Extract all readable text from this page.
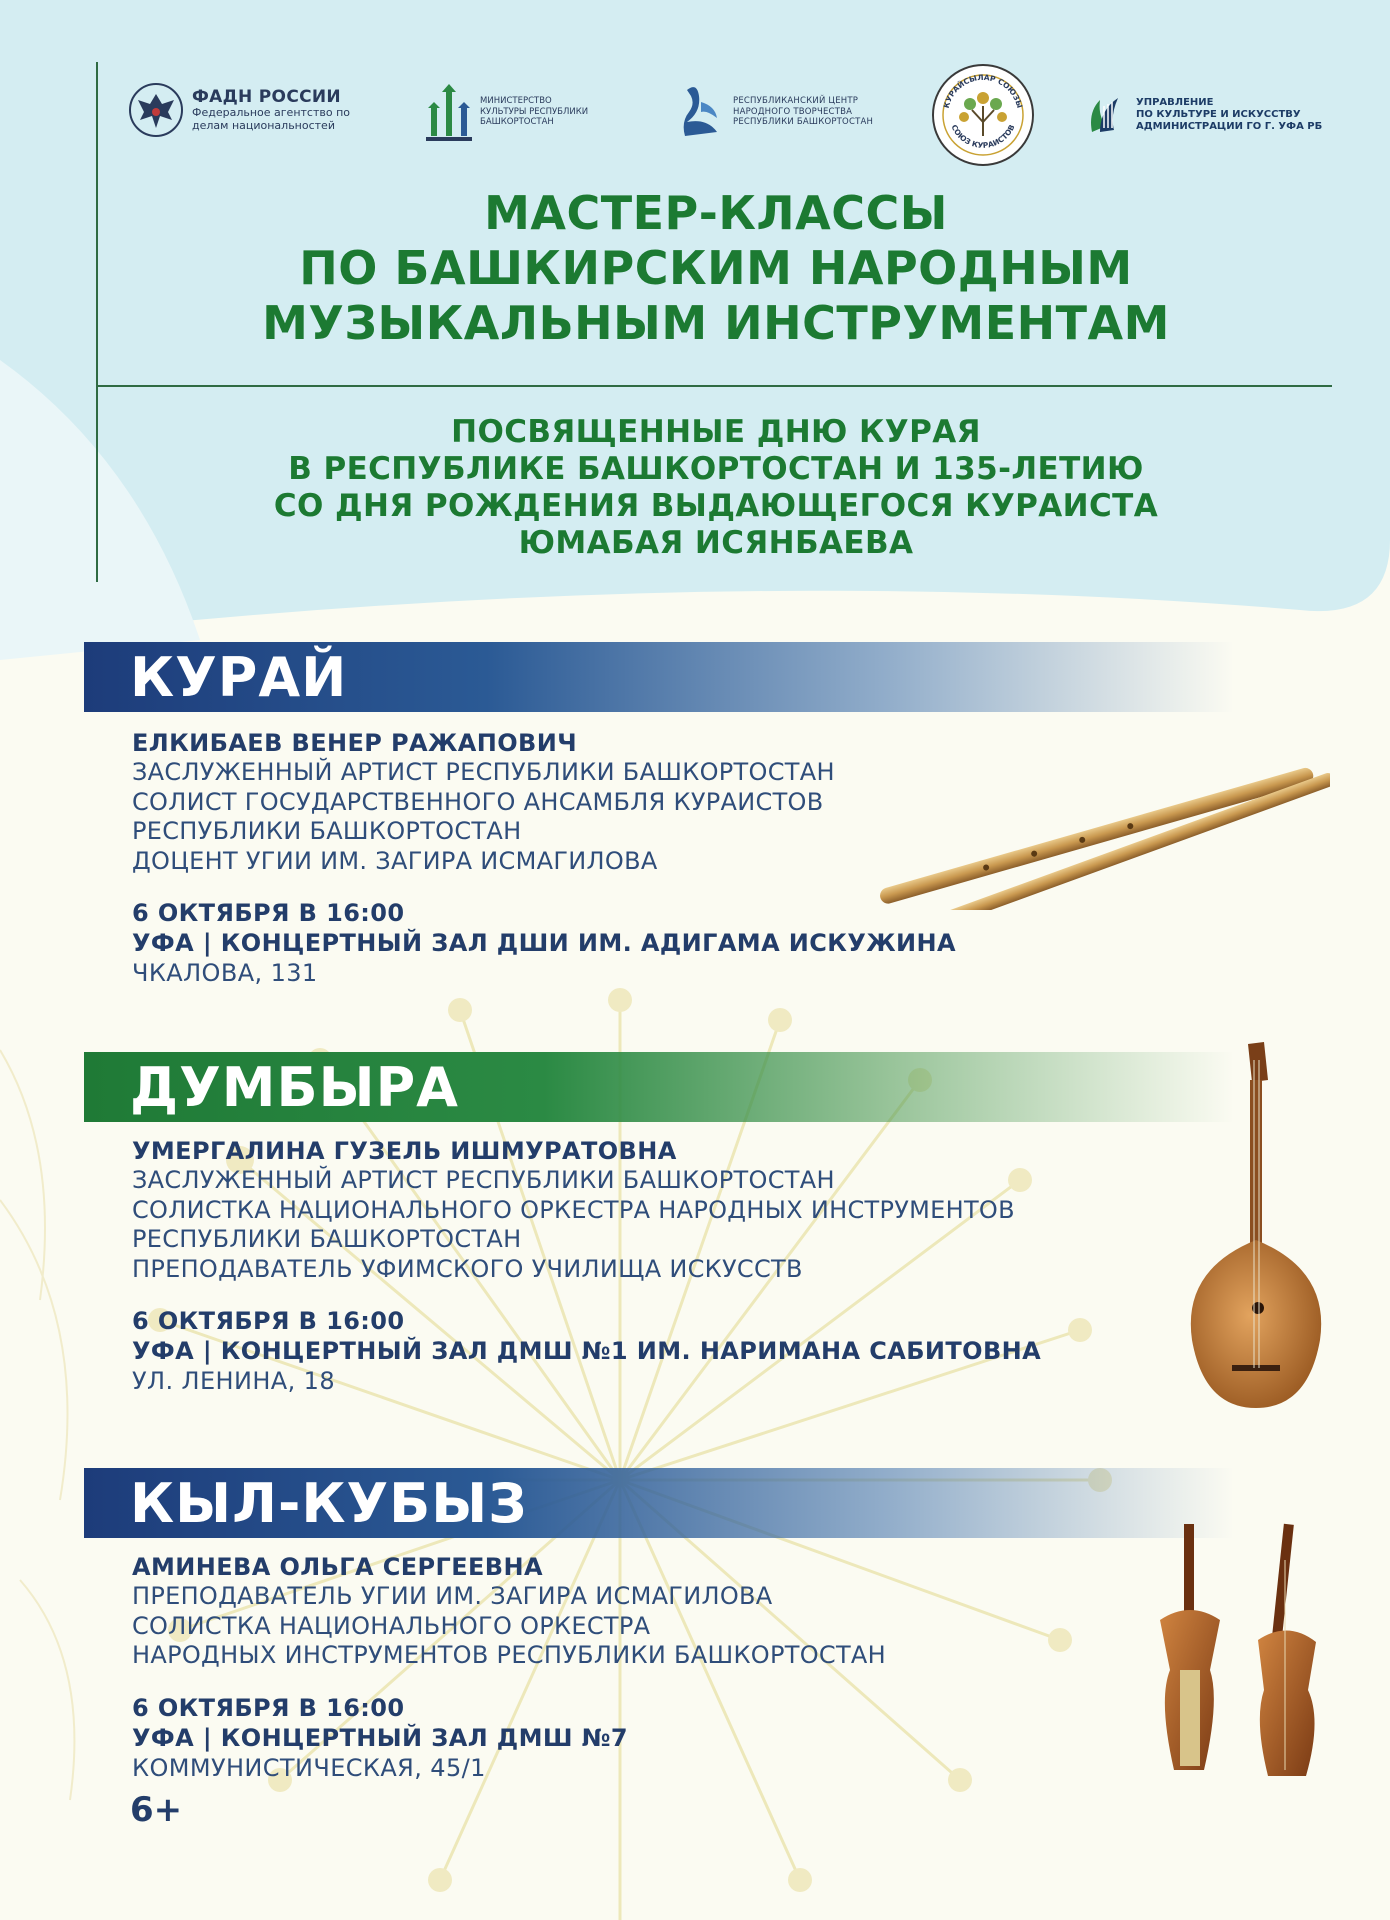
ФАДН РОССИИ
Федеральное агентство по делам национальностей
МИНИСТЕРСТВО КУЛЬТУРЫ РЕСПУБЛИКИ БАШКОРТОСТАН
РЕСПУБЛИКАНСКИЙ ЦЕНТР
НАРОДНОГО ТВОРЧЕСТВА
РЕСПУБЛИКИ БАШКОРТОСТАН
КУРАЙСЫЛАР СОЮЗЫ
СОЮЗ КУРАИСТОВ
УПРАВЛЕНИЕ
ПО КУЛЬТУРЕ И ИСКУССТВУ
АДМИНИСТРАЦИИ ГО Г. УФА РБ
МАСТЕР-КЛАССЫ
ПО БАШКИРСКИМ НАРОДНЫМ
МУЗЫКАЛЬНЫМ ИНСТРУМЕНТАМ
ПОСВЯЩЕННЫЕ ДНЮ КУРАЯ
В РЕСПУБЛИКЕ БАШКОРТОСТАН И 135-ЛЕТИЮ
СО ДНЯ РОЖДЕНИЯ ВЫДАЮЩЕГОСЯ КУРАИСТА
ЮМАБАЯ ИСЯНБАЕВА
КУРАЙ
ЕЛКИБАЕВ ВЕНЕР РАЖАПОВИЧ
ЗАСЛУЖЕННЫЙ АРТИСТ РЕСПУБЛИКИ БАШКОРТОСТАН
СОЛИСТ ГОСУДАРСТВЕННОГО АНСАМБЛЯ КУРАИСТОВ
РЕСПУБЛИКИ БАШКОРТОСТАН
ДОЦЕНТ УГИИ ИМ. ЗАГИРА ИСМАГИЛОВА
6 ОКТЯБРЯ В 16:00
УФА | КОНЦЕРТНЫЙ ЗАЛ ДШИ ИМ. АДИГАМА ИСКУЖИНА
ЧКАЛОВА, 131
ДУМБЫРА
УМЕРГАЛИНА ГУЗЕЛЬ ИШМУРАТОВНА
ЗАСЛУЖЕННЫЙ АРТИСТ РЕСПУБЛИКИ БАШКОРТОСТАН
СОЛИСТКА НАЦИОНАЛЬНОГО ОРКЕСТРА НАРОДНЫХ ИНСТРУМЕНТОВ
РЕСПУБЛИКИ БАШКОРТОСТАН
ПРЕПОДАВАТЕЛЬ УФИМСКОГО УЧИЛИЩА ИСКУССТВ
6 ОКТЯБРЯ В 16:00
УФА | КОНЦЕРТНЫЙ ЗАЛ ДМШ №1 ИМ. НАРИМАНА САБИТОВНА
УЛ. ЛЕНИНА, 18
КЫЛ-КУБЫЗ
АМИНЕВА ОЛЬГА СЕРГЕЕВНА
ПРЕПОДАВАТЕЛЬ УГИИ ИМ. ЗАГИРА ИСМАГИЛОВА
СОЛИСТКА НАЦИОНАЛЬНОГО ОРКЕСТРА
НАРОДНЫХ ИНСТРУМЕНТОВ РЕСПУБЛИКИ БАШКОРТОСТАН
6 ОКТЯБРЯ В 16:00
УФА | КОНЦЕРТНЫЙ ЗАЛ ДМШ №7
КОММУНИСТИЧЕСКАЯ, 45/1
6+
